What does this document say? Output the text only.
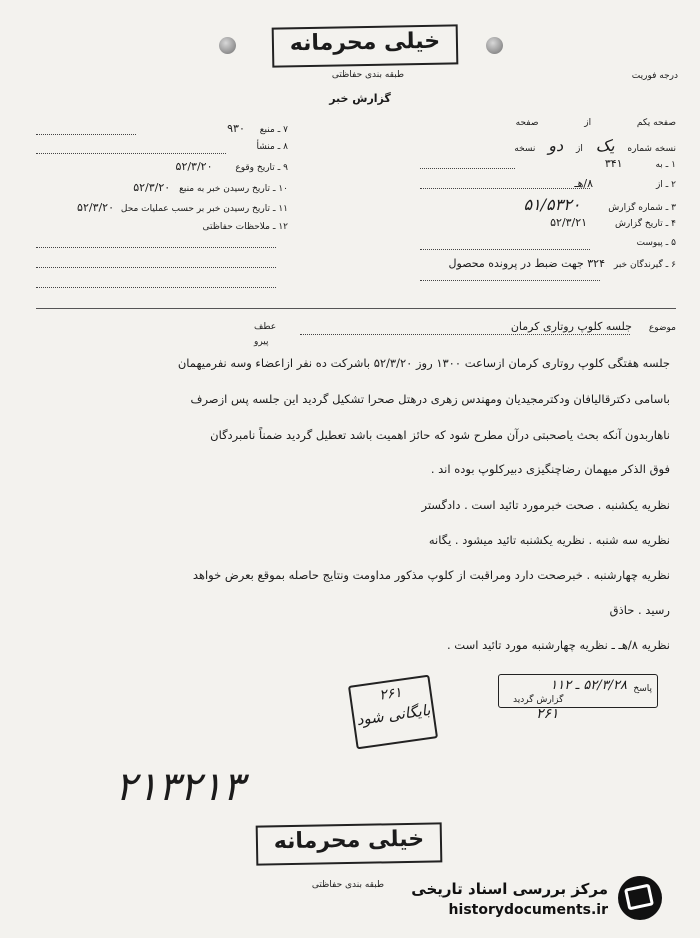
خیلی محرمانه
طبقه بندی حفاظتی
گزارش خبر
درجه فوریت
صفحه یکم  از  صفحه
نسخه شماره یک از دو نسخه
۱ ـ به ۳۴۱
۲ ـ از ۸/هـ
۳ ـ شماره گزارش ۵۱/۵۳۲۰
۴ ـ تاریخ گزارش ۵۲/۳/۲۱
۵ ـ پیوست
۶ ـ گیرندگان خبر ۳۲۴ جهت ضبط در پرونده محصول
۷ ـ منبع ۹۳۰
۸ ـ منشأ
۹ ـ تاریخ وقوع ۵۲/۳/۲۰
۱۰ ـ تاریخ رسیدن خبر به منبع ۵۲/۳/۲۰
۱۱ ـ تاریخ رسیدن خبر بر حسب عملیات محل ۵۲/۳/۲۰
۱۲ ـ ملاحظات حفاظتی
موضوع جلسه کلوپ روتاری کرمان
عطف
پیرو
جلسه هفتگی کلوپ روتاری کرمان ازساعت ۱۳۰۰ روز ۵۲/۳/۲۰ باشرکت ده نفر ازاعضاء وسه نفرمیهمان
باسامی دکترقالیافان ودکترمجیدیان ومهندس زهری درهتل صحرا تشکیل گردید این جلسه پس ازصرف
ناهاربدون آنکه بحث یاصحبتی درآن مطرح شود که حائز اهمیت باشد تعطیل گردید ضمناً نامبردگان
فوق الذکر میهمان رضاچنگیزی دبیرکلوپ بوده اند .
نظریه یکشنبه . صحت خبرمورد تائید است . دادگستر
نظریه سه شنبه . نظریه یکشنبه تائید میشود . یگانه
نظریه چهارشنبه . خبرصحت دارد ومراقبت از کلوپ مذکور مداومت ونتایج حاصله بموقع بعرض خواهد
رسید . حاذق
نظریه ۸/هـ ـ نظریه چهارشنبه مورد تائید است .
۲۶۱
بایگانی شود
پاسخ
۵۲/۳/۲۸ ـ ۱۱۲
گزارش گردید
۲۶۱
۲۱۳۲۱۳
خیلی محرمانه
طبقه بندی حفاظتی	مرکز بررسی اسناد تاریخی
historydocuments.ir
